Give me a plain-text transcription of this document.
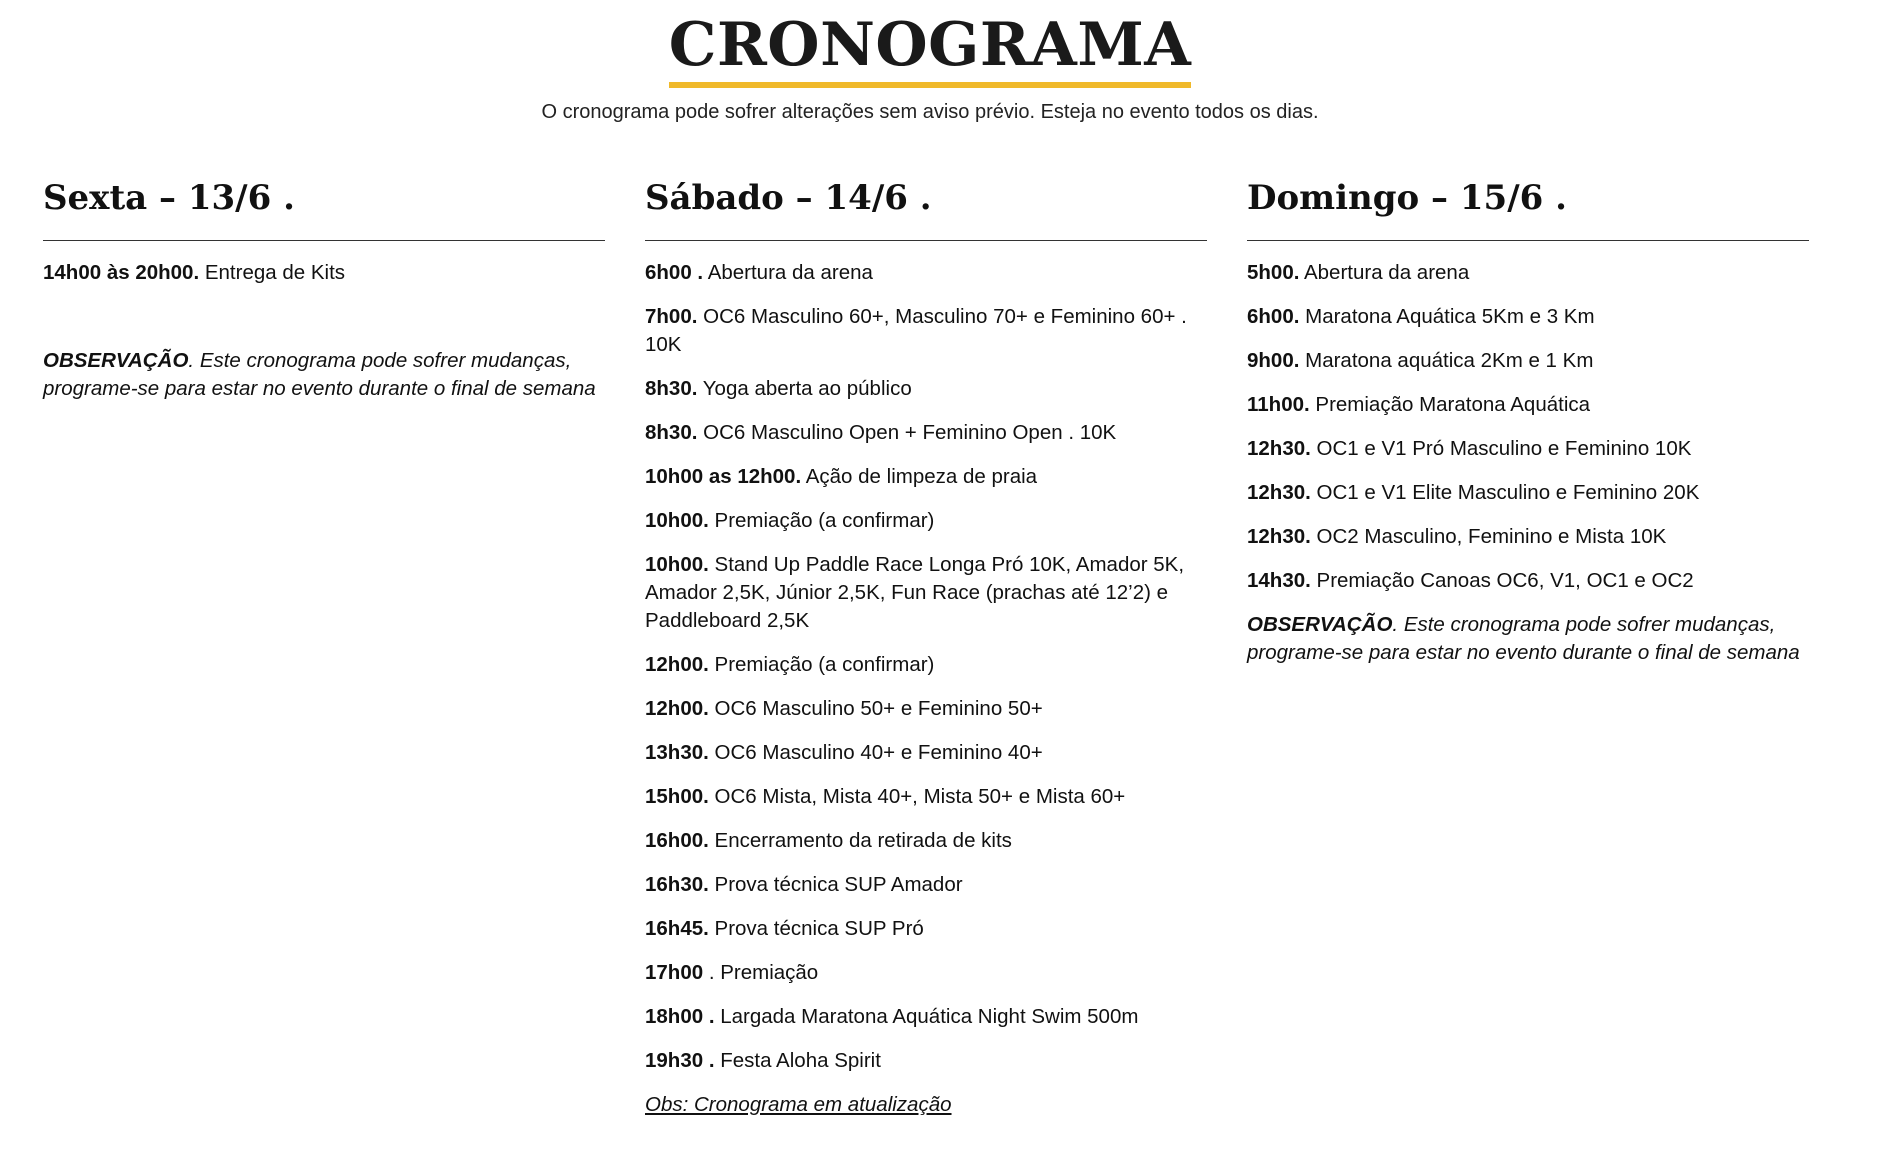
CRONOGRAMA
O cronograma pode sofrer alterações sem aviso prévio. Esteja no evento todos os dias.
Sexta – 13/6 .

14h00 às 20h00. Entrega de Kits

OBSERVAÇÃO. Este cronograma pode sofrer mudanças, programe-se para estar no evento durante o final de semana

Sábado – 14/6 .

6h00 . Abertura da arena

7h00. OC6 Masculino 60+, Masculino 70+ e Feminino 60+ . 10K

8h30. Yoga aberta ao público

8h30. OC6 Masculino Open + Feminino Open . 10K

10h00 as 12h00. Ação de limpeza de praia

10h00. Premiação (a confirmar)

10h00. Stand Up Paddle Race Longa Pró 10K, Amador 5K, Amador 2,5K, Júnior 2,5K, Fun Race (prachas até 12’2) e Paddleboard 2,5K

12h00. Premiação (a confirmar)

12h00. OC6 Masculino 50+ e Feminino 50+

13h30. OC6 Masculino 40+ e Feminino 40+

15h00. OC6 Mista, Mista 40+, Mista 50+ e Mista 60+

16h00. Encerramento da retirada de kits

16h30. Prova técnica SUP Amador

16h45. Prova técnica SUP Pró

17h00 . Premiação

18h00 . Largada Maratona Aquática Night Swim 500m

19h30 . Festa Aloha Spirit

Obs: Cronograma em atualização
Domingo – 15/6 .

5h00. Abertura da arena

6h00. Maratona Aquática 5Km e 3 Km

9h00. Maratona aquática 2Km e 1 Km

11h00. Premiação Maratona Aquática

12h30. OC1 e V1 Pró Masculino e Feminino 10K

12h30. OC1 e V1 Elite Masculino e Feminino 20K

12h30. OC2 Masculino, Feminino e Mista 10K

14h30. Premiação Canoas OC6, V1, OC1 e OC2

OBSERVAÇÃO. Este cronograma pode sofrer mudanças, programe-se para estar no evento durante o final de semana
